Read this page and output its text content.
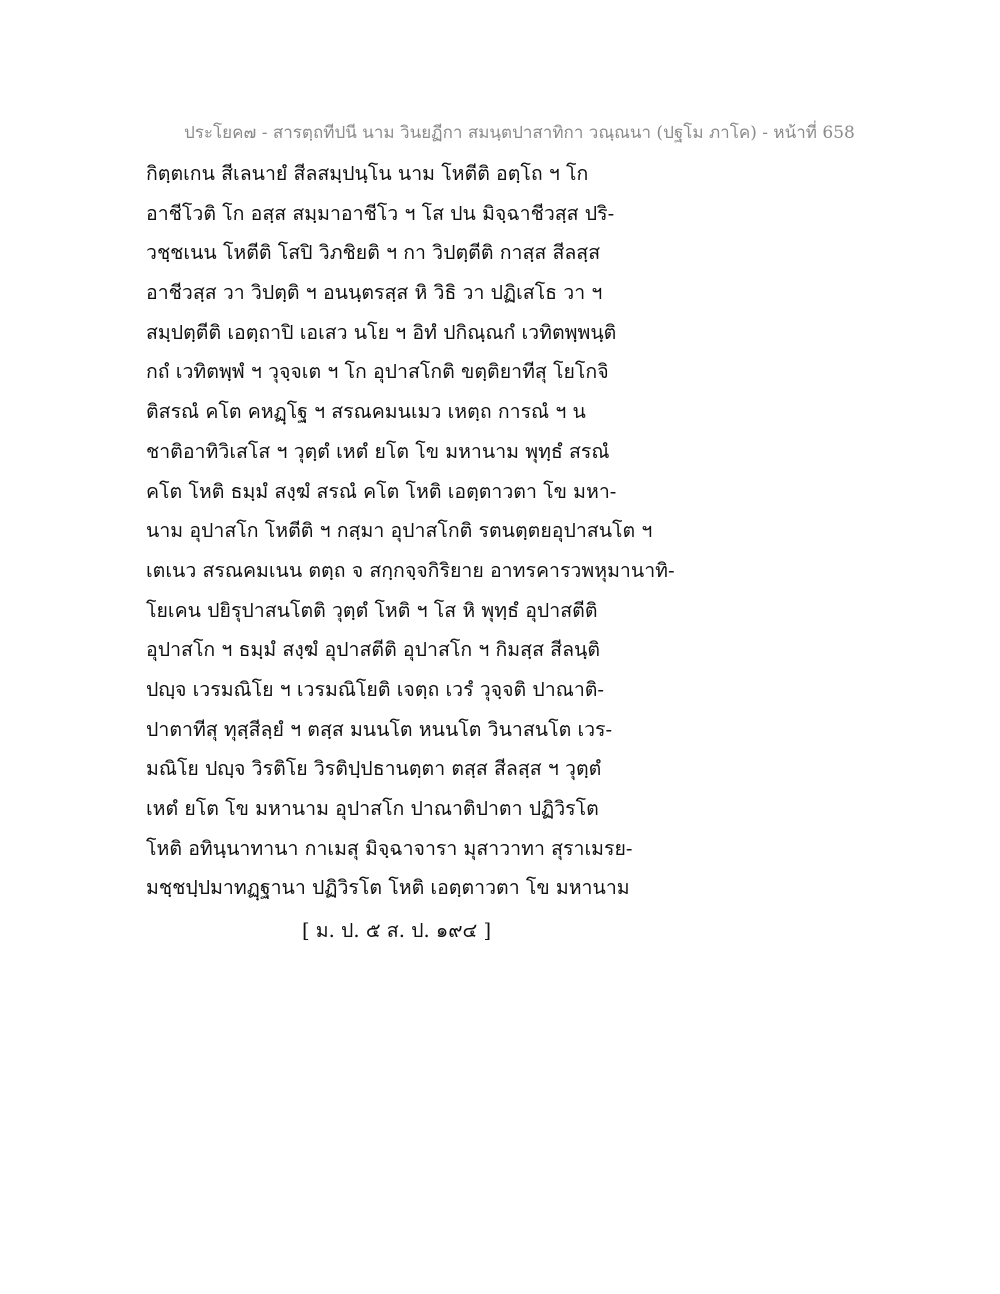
ประโยค๗ - สารตฺถทีปนี นาม วินยฏีกา สมนฺตปาสาทิกา วณฺณนา (ปฐโม ภาโค) - หน้าที่ 658
กิตฺตเกน สีเลนายํ สีลสมฺปนฺโน นาม โหตีติ อตฺโถ ฯ โก
อาชีโวติ โก อสฺส สมฺมาอาชีโว ฯ โส ปน มิจฺฉาชีวสฺส ปริ-
วชฺชเนน โหตีติ โสปิ วิภชิยติ ฯ กา วิปตฺตีติ กาสฺส สีลสฺส
อาชีวสฺส วา วิปตฺติ ฯ อนนฺตรสฺส หิ วิธิ วา ปฏิเสโธ วา ฯ
สมฺปตฺตีติ เอตฺถาปิ เอเสว นโย ฯ อิทํ ปกิณฺณกํ เวทิตพฺพนฺติ
กถํ เวทิตพฺพํ ฯ วุจฺจเต ฯ โก อุปาสโกติ ขตฺติยาทีสุ โยโกจิ
ติสรณํ คโต คหฏฺโฐ ฯ สรณคมนเมว เหตฺถ การณํ ฯ น
ชาติอาทิวิเสโส ฯ วุตฺตํ เหตํ ยโต โข มหานาม พุทฺธํ สรณํ
คโต โหติ ธมฺมํ สงฺฆํ สรณํ คโต โหติ เอตฺตาวตา โข มหา-
นาม อุปาสโก โหตีติ ฯ กสฺมา อุปาสโกติ รตนตฺตยอุปาสนโต ฯ
เตเนว สรณคมเนน ตตฺถ จ สกฺกจฺจกิริยาย อาทรคารวพหุมานาทิ-
โยเคน ปยิรุปาสนโตติ วุตฺตํ โหติ ฯ โส หิ พุทฺธํ อุปาสตีติ
อุปาสโก ฯ ธมฺมํ สงฺฆํ อุปาสตีติ อุปาสโก ฯ กิมสฺส สีลนฺติ
ปญฺจ เวรมณิโย ฯ เวรมณิโยติ เจตฺถ เวรํ วุจฺจติ ปาณาติ-
ปาตาทีสุ ทุสฺสีลฺยํ ฯ ตสฺส มนนโต หนนโต วินาสนโต เวร-
มณิโย ปญฺจ วิรติโย วิรติปฺปธานตฺตา ตสฺส สีลสฺส ฯ วุตฺตํ
เหตํ ยโต โข มหานาม อุปาสโก ปาณาติปาตา ปฏิวิรโต
โหติ อทินฺนาทานา กาเมสุ มิจฺฉาจารา มุสาวาทา สุราเมรย-
มชฺชปฺปมาทฏฺฐานา ปฏิวิรโต โหติ เอตฺตาวตา โข มหานาม
[ ม. ป. ๕ ส. ป. ๑๙๔ ]
